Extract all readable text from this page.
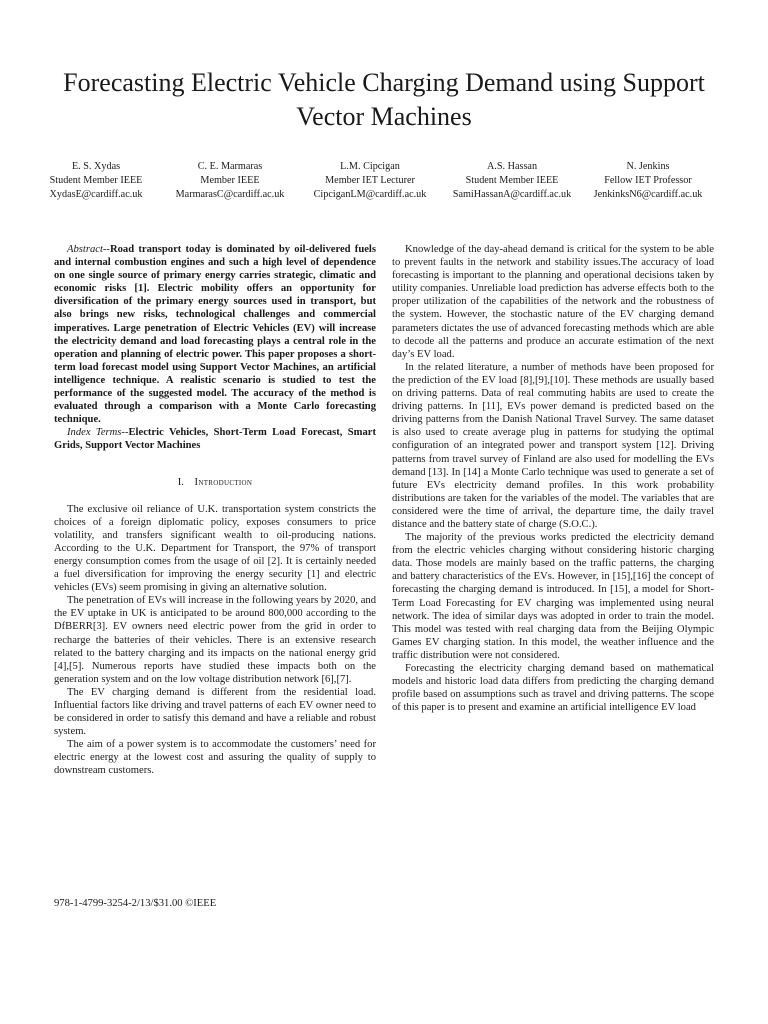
Forecasting Electric Vehicle Charging Demand using Support Vector Machines
E. S. Xydas
Student Member IEEE
XydasE@cardiff.ac.uk
C. E. Marmaras
Member IEEE
MarmarasC@cardiff.ac.uk
L.M. Cipcigan
Member IET Lecturer
CipciganLM@cardiff.ac.uk
A.S. Hassan
Student Member IEEE
SamiHassanA@cardiff.ac.uk
N. Jenkins
Fellow IET Professor
JenkinksN6@cardiff.ac.uk

Abstract--Road transport today is dominated by oil-delivered fuels and internal combustion engines and such a high level of dependence on one single source of primary energy carries strategic, climatic and economic risks [1]. Electric mobility offers an opportunity for diversification of the primary energy sources used in transport, but also brings new risks, technological challenges and commercial imperatives. Large penetration of Electric Vehicles (EV) will increase the electricity demand and load forecasting plays a central role in the operation and planning of electric power. This paper proposes a short-term load forecast model using Support Vector Machines, an artificial intelligence technique. A realistic scenario is studied to test the performance of the suggested model. The accuracy of the method is evaluated through a comparison with a Monte Carlo forecasting technique.

Index Terms--Electric Vehicles, Short-Term Load Forecast, Smart Grids, Support Vector Machines

I. Introduction

The exclusive oil reliance of U.K. transportation system constricts the choices of a foreign diplomatic policy, exposes consumers to price volatility, and transfers significant wealth to oil-producing nations. According to the U.K. Department for Transport, the 97% of transport energy consumption comes from the usage of oil [2]. It is certainly needed a fuel diversification for improving the energy security [1] and electric vehicles (EVs) seem promising in giving an alternative solution.

The penetration of EVs will increase in the following years by 2020, and the EV uptake in UK is anticipated to be around 800,000 according to the DfBERR[3]. EV owners need electric power from the grid in order to recharge the batteries of their vehicles. There is an extensive research related to the battery charging and its impacts on the national energy grid [4],[5]. Numerous reports have studied these impacts both on the generation system and on the low voltage distribution network [6],[7].

The EV charging demand is different from the residential load. Influential factors like driving and travel patterns of each EV owner need to be considered in order to satisfy this demand and have a reliable and robust system.

The aim of a power system is to accommodate the customers’ need for electric energy at the lowest cost and assuring the quality of supply to downstream customers.

Knowledge of the day-ahead demand is critical for the system to be able to prevent faults in the network and stability issues.The accuracy of load forecasting is important to the planning and operational decisions taken by utility companies. Unreliable load prediction has adverse effects both to the proper utilization of the capabilities of the network and the robustness of the system. However, the stochastic nature of the EV charging demand parameters dictates the use of advanced forecasting methods which are able to decode all the patterns and produce an accurate estimation of the next day’s EV load.

In the related literature, a number of methods have been proposed for the prediction of the EV load [8],[9],[10]. These methods are usually based on driving patterns. Data of real commuting habits are used to create the driving patterns. In [11], EVs power demand is predicted based on the driving patterns from the Danish National Travel Survey. The same dataset is also used to create average plug in patterns for studying the optimal configuration of an integrated power and transport system [12]. Driving patterns from travel survey of Finland are also used for modelling the EVs demand [13]. In [14] a Monte Carlo technique was used to generate a set of future EVs electricity demand profiles. In this work probability distributions are taken for the variables of the model. The variables that are considered were the time of arrival, the departure time, the daily travel distance and the battery state of charge (S.O.C.).

The majority of the previous works predicted the electricity demand from the electric vehicles charging without considering historic charging data. Those models are mainly based on the traffic patterns, the charging and battery characteristics of the EVs. However, in [15],[16] the concept of forecasting the charging demand is introduced. In [15], a model for Short-Term Load Forecasting for EV charging was implemented using neural network. The idea of similar days was adopted in order to train the model. This model was tested with real charging data from the Beijing Olympic Games EV charging station. In this model, the weather influence and the traffic distribution were not considered.

Forecasting the electricity charging demand based on mathematical models and historic load data differs from predicting the charging demand profile based on assumptions such as travel and driving patterns. The scope of this paper is to present and examine an artificial intelligence EV load

978-1-4799-3254-2/13/$31.00 ©IEEE
